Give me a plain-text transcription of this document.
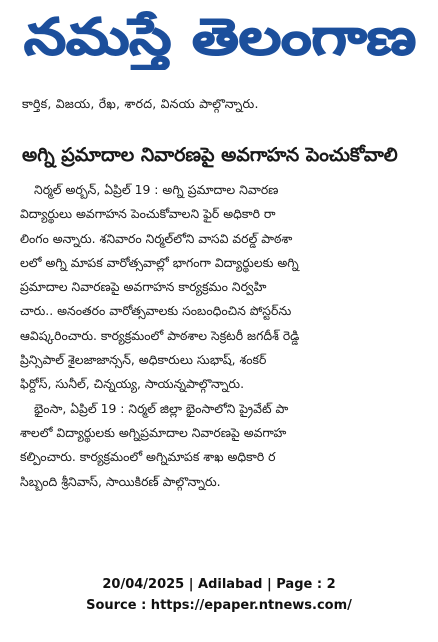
నమస్తే తెలంగాణ
కార్తిక, విజయ, రేఖ, శారద, వినయ పాల్గొన్నారు.
అగ్ని ప్రమాదాల నివారణపై అవగాహన పెంచుకోవాలి
నిర్మల్ అర్బన్, ఏప్రిల్ 19 : అగ్ని ప్రమాదాల నివారణ
విద్యార్థులు అవగాహన పెంచుకోవాలని ఫైర్ అధికారి రా
లింగం అన్నారు. శనివారం నిర్మల్‌లోని వాసవి వరల్డ్ పాఠశా
లలో అగ్ని మాపక వారోత్సవాల్లో భాగంగా విద్యార్థులకు అగ్ని
ప్రమాదాల నివారణపై అవగాహన కార్యక్రమం నిర్వహి
చారు.. అనంతరం వారోత్సవాలకు సంబంధించిన పోస్టర్‌ను
ఆవిష్కరించారు. కార్యక్రమంలో పాఠశాల సెక్రటరీ జగదీశ్ రెడ్డి
ప్రిన్సిపాల్ శైలజాజాన్సన్, అధికారులు సుభాష్, శంకర్
ఫిర్దోస్, సునీల్, చిన్నయ్య, సాయన్నపాల్గొన్నారు.
భైంసా, ఏప్రిల్ 19 : నిర్మల్ జిల్లా భైంసాలోని ప్రైవేట్ పా
శాలలో విద్యార్థులకు అగ్నిప్రమాదాల నివారణపై అవగాహ
కల్పించారు. కార్యక్రమంలో అగ్నిమాపక శాఖ అధికారి ర
సిబ్బంది శ్రీనివాస్, సాయికిరణ్ పాల్గొన్నారు.
20/04/2025 | Adilabad | Page : 2
Source : https://epaper.ntnews.com/
